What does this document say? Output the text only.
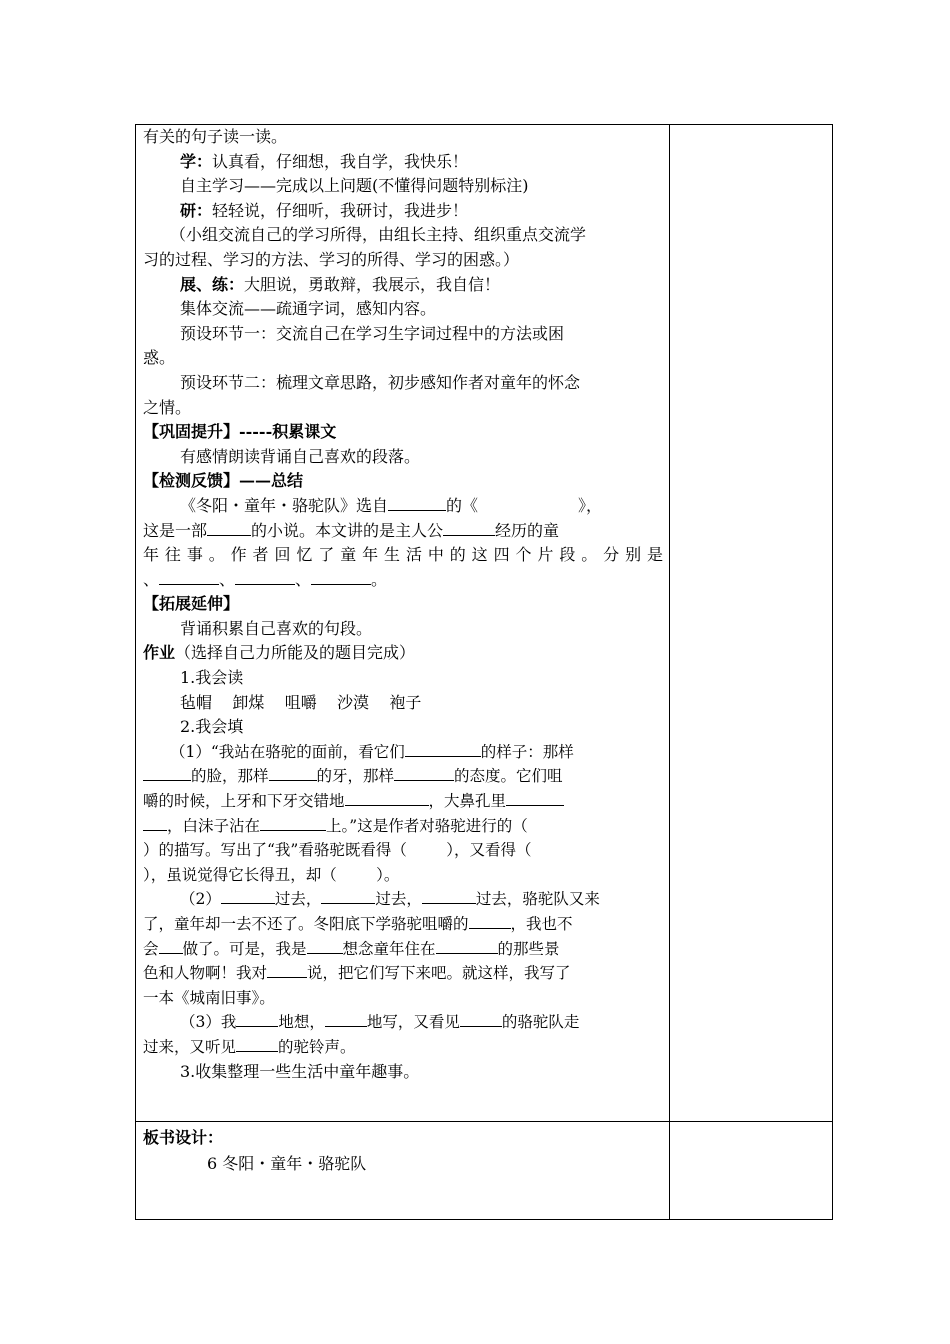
有关的句子读一读。
学：认真看，仔细想，我自学，我快乐！
自主学习——完成以上问题(不懂得问题特别标注)
研：轻轻说，仔细听，我研讨，我进步！
（小组交流自己的学习所得，由组长主持、组织重点交流学
习的过程、学习的方法、学习的所得、学习的困惑。）
展、练：大胆说，勇敢辩，我展示，我自信！
集体交流——疏通字词，感知内容。
预设环节一：交流自己在学习生字词过程中的方法或困
惑。
预设环节二：梳理文章思路，初步感知作者对童年的怀念
之情。
【巩固提升】-----积累课文
有感情朗读背诵自己喜欢的段落。
【检测反馈】——总结
《冬阳・童年・骆驼队》选自	的《	》，
这是一部	的小说。本文讲的是主人公	经历的童
年往事。作者回忆了童年生活中的这四个片段。分别是
、	、	、	。
【拓展延伸】
背诵积累自己喜欢的句段。
作业（选择自己力所能及的题目完成）
1.我会读
毡帽    卸煤    咀嚼    沙漠    袍子
2.我会填
（1）“我站在骆驼的面前，看它们	的样子：那样
的脸，那样	的牙，那样	的态度。它们咀
嚼的时候，上牙和下牙交错地	，大鼻孔里
，白沫子沾在	上。”这是作者对骆驼进行的（
）的描写。写出了“我”看骆驼既看得（        ），又看得（
），虽说觉得它长得丑，却（        ）。
（2）	过去，	过去，	过去，骆驼队又来
了，童年却一去不还了。冬阳底下学骆驼咀嚼的	，我也不
会 做了。可是，我是 想念童年住在	的那些景
色和人物啊！我对	说，把它们写下来吧。就这样，我写了
一本《城南旧事》。
（3）我	地想，	地写，又看见	的骆驼队走
过来，又听见	的驼铃声。
3.收集整理一些生活中童年趣事。
板书设计：
6 冬阳・童年・骆驼队
